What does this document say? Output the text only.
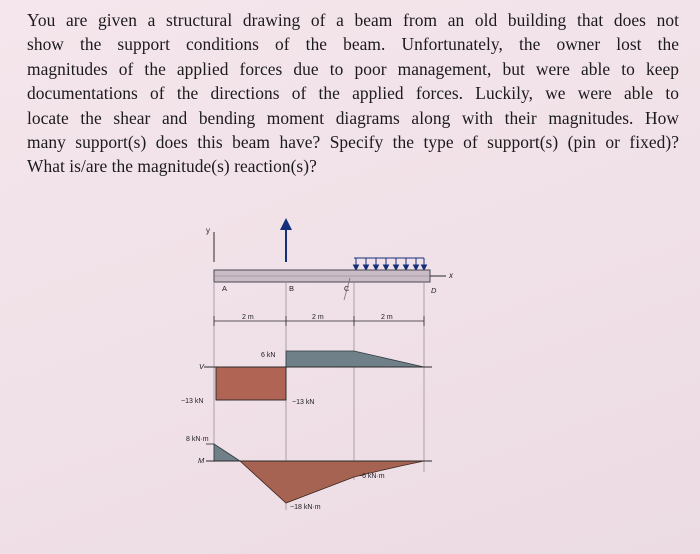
You are given a structural drawing of a beam from an old building that does not
show the support conditions of the beam. Unfortunately, the owner lost the
magnitudes of the applied forces due to poor management, but were able to keep
documentations of the directions of the applied forces. Luckily, we were able to
locate the shear and bending moment diagrams along with their magnitudes. How
many support(s) does this beam have? Specify the type of support(s) (pin or fixed)?
What is/are the magnitude(s) reaction(s)?
y
x
A	B	C	D
2 m	2 m	2 m
V
6 kN
−13 kN	−13 kN
M
8 kN·m
−18 kN·m
−6 kN·m
